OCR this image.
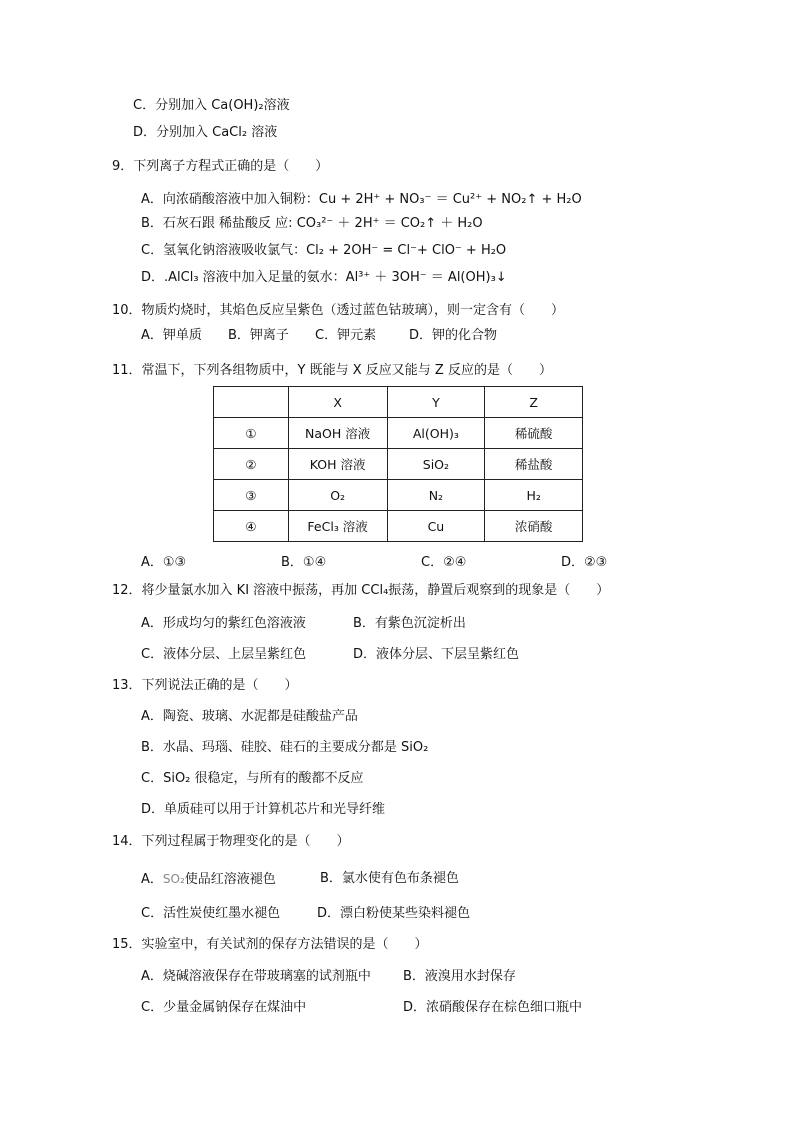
C．分别加入 Ca(OH)₂溶液
D．分别加入 CaCl₂ 溶液
9．下列离子方程式正确的是（　　）
A．向浓硝酸溶液中加入铜粉：Cu + 2H⁺ + NO₃⁻ ＝ Cu²⁺ + NO₂↑ + H₂O
B．石灰石跟 稀盐酸反 应: CO₃²⁻ ＋ 2H⁺ ＝ CO₂↑ ＋ H₂O
C．氢氧化钠溶液吸收氯气：Cl₂ + 2OH⁻ = Cl⁻+ ClO⁻ + H₂O
D．.AlCl₃ 溶液中加入足量的氨水：Al³⁺ ＋ 3OH⁻ ＝ Al(OH)₃↓
10．物质灼烧时，其焰色反应呈紫色（透过蓝色钴玻璃），则一定含有（　　）
A．钾单质 B．钾离子 C．钾元素	D．钾的化合物
11．常温下，下列各组物质中，Y 既能与 X 反应又能与 Z 反应的是（　　）
	X	Y	Z
①	NaOH 溶液	Al(OH)₃	稀硫酸
②	KOH 溶液	SiO₂	稀盐酸
③	O₂	N₂	H₂
④	FeCl₃ 溶液	Cu	浓硝酸
A．①③	B．①④	C．②④	D．②③
12．将少量氯水加入 KI 溶液中振荡，再加 CCl₄振荡，静置后观察到的现象是（　　）
A．形成均匀的紫红色溶液液	B．有紫色沉淀析出
C．液体分层、上层呈紫红色	D．液体分层、下层呈紫红色
13．下列说法正确的是（　　）
A．陶瓷、玻璃、水泥都是硅酸盐产品
B．水晶、玛瑙、硅胶、硅石的主要成分都是 SiO₂
C．SiO₂ 很稳定，与所有的酸都不反应
D．单质硅可以用于计算机芯片和光导纤维
14．下列过程属于物理变化的是（　　）
A．SO₂使品红溶液褪色	B．氯水使有色布条褪色
C．活性炭使红墨水褪色	D．漂白粉使某些染料褪色
15．实验室中，有关试剂的保存方法错误的是（　　）
A．烧碱溶液保存在带玻璃塞的试剂瓶中 B．液溴用水封保存
C．少量金属钠保存在煤油中	D．浓硝酸保存在棕色细口瓶中
